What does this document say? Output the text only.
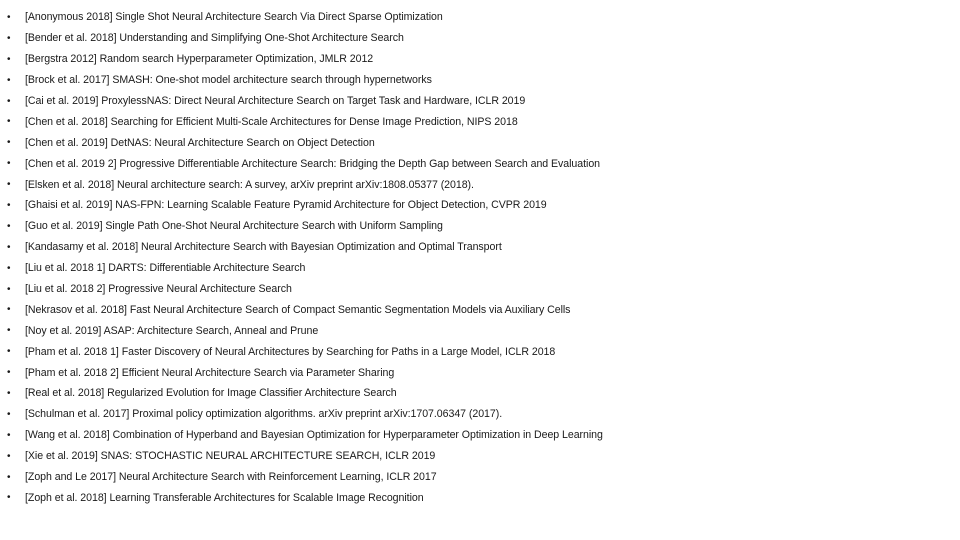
•	[Anonymous 2018] Single Shot Neural Architecture Search Via Direct Sparse Optimization
•	[Bender et al. 2018] Understanding and Simplifying One-Shot Architecture Search
•	[Bergstra 2012] Random search Hyperparameter Optimization, JMLR 2012
•	[Brock et al. 2017] SMASH: One-shot model architecture search through hypernetworks
•	[Cai et al. 2019] ProxylessNAS: Direct Neural Architecture Search on Target Task and Hardware, ICLR 2019
•	[Chen et al. 2018] Searching for Efficient Multi-Scale Architectures for Dense Image Prediction, NIPS 2018
•	[Chen et al. 2019] DetNAS: Neural Architecture Search on Object Detection
•	[Chen et al. 2019 2] Progressive Differentiable Architecture Search: Bridging the Depth Gap between Search and Evaluation
•	[Elsken et al. 2018] Neural architecture search: A survey, arXiv preprint arXiv:1808.05377 (2018).
•	[Ghaisi et al. 2019] NAS-FPN: Learning Scalable Feature Pyramid Architecture for Object Detection, CVPR 2019
•	[Guo et al. 2019] Single Path One-Shot Neural Architecture Search with Uniform Sampling
•	[Kandasamy et al. 2018] Neural Architecture Search with Bayesian Optimization and Optimal Transport
•	[Liu et al. 2018 1] DARTS: Differentiable Architecture Search
•	[Liu et al. 2018 2] Progressive Neural Architecture Search
•	[Nekrasov et al. 2018] Fast Neural Architecture Search of Compact Semantic Segmentation Models via Auxiliary Cells
•	[Noy et al. 2019] ASAP: Architecture Search, Anneal and Prune
•	[Pham et al. 2018 1] Faster Discovery of Neural Architectures by Searching for Paths in a Large Model, ICLR 2018
•	[Pham et al. 2018 2] Efficient Neural Architecture Search via Parameter Sharing
•	[Real et al. 2018] Regularized Evolution for Image Classifier Architecture Search
•	[Schulman et al. 2017] Proximal policy optimization algorithms. arXiv preprint arXiv:1707.06347 (2017).
•	[Wang et al. 2018] Combination of Hyperband and Bayesian Optimization for Hyperparameter Optimization in Deep Learning
•	[Xie et al. 2019] SNAS: STOCHASTIC NEURAL ARCHITECTURE SEARCH, ICLR 2019
•	[Zoph and Le 2017] Neural Architecture Search with Reinforcement Learning, ICLR 2017
•	[Zoph et al. 2018] Learning Transferable Architectures for Scalable Image Recognition
